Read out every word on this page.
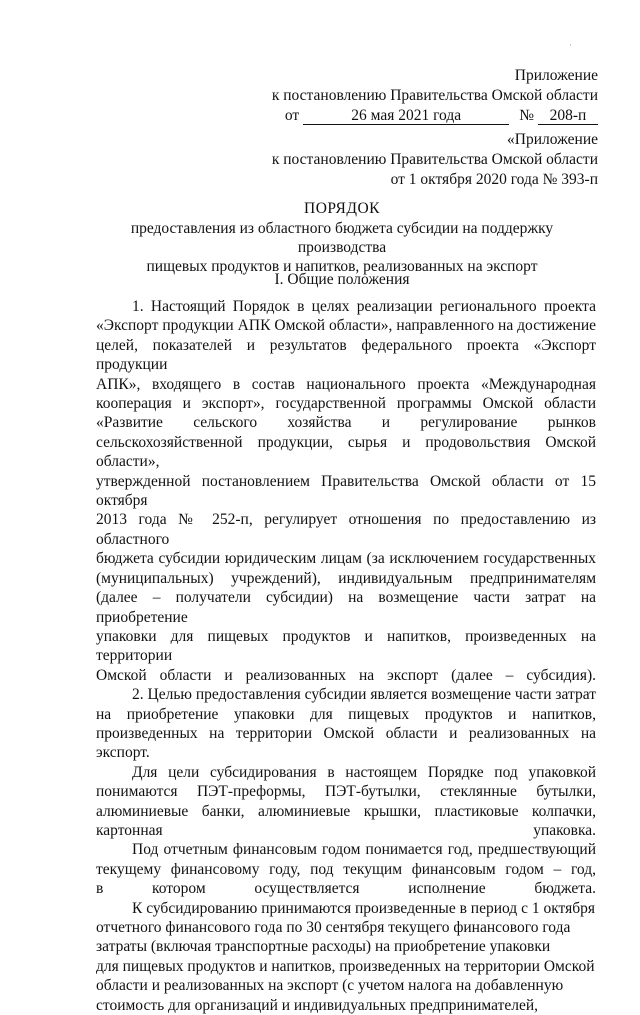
Приложение
к постановлению Правительства Омской области
от	26 мая 2021 года	№ 208-п
«Приложение
к постановлению Правительства Омской области
от 1 октября 2020 года № 393-п
ПОРЯДОК
предоставления из областного бюджета субсидии на поддержку производства
пищевых продуктов и напитков, реализованных на экспорт
I. Общие положения

1. Настоящий Порядок в целях реализации регионального проекта
«Экспорт продукции АПК Омской области», направленного на достижение
целей, показателей и результатов федерального проекта «Экспорт продукции
АПК», входящего в состав национального проекта «Международная
кооперация и экспорт», государственной программы Омской области
«Развитие сельского хозяйства и регулирование рынков
сельскохозяйственной продукции, сырья и продовольствия Омской области»,
утвержденной постановлением Правительства Омской области от 15 октября
2013 года № 252-п, регулирует отношения по предоставлению из областного
бюджета субсидии юридическим лицам (за исключением государственных
(муниципальных) учреждений), индивидуальным предпринимателям
(далее – получатели субсидии) на возмещение части затрат на приобретение
упаковки для пищевых продуктов и напитков, произведенных на территории
Омской области и реализованных на экспорт (далее – субсидия).

2. Целью предоставления субсидии является возмещение части затрат
на приобретение упаковки для пищевых продуктов и напитков,
произведенных на территории Омской области и реализованных на экспорт.

Для цели субсидирования в настоящем Порядке под упаковкой
понимаются ПЭТ-преформы, ПЭТ-бутылки, стеклянные бутылки,
алюминиевые банки, алюминиевые крышки, пластиковые колпачки,
картонная упаковка.

Под отчетным финансовым годом понимается год, предшествующий
текущему финансовому году, под текущим финансовым годом – год,
в котором осуществляется исполнение бюджета.

К субсидированию принимаются произведенные в период с 1 октября
отчетного финансового года по 30 сентября текущего финансового года
затраты (включая транспортные расходы) на приобретение упаковки
для пищевых продуктов и напитков, произведенных на территории Омской
области и реализованных на экспорт (с учетом налога на добавленную
стоимость для организаций и индивидуальных предпринимателей,
